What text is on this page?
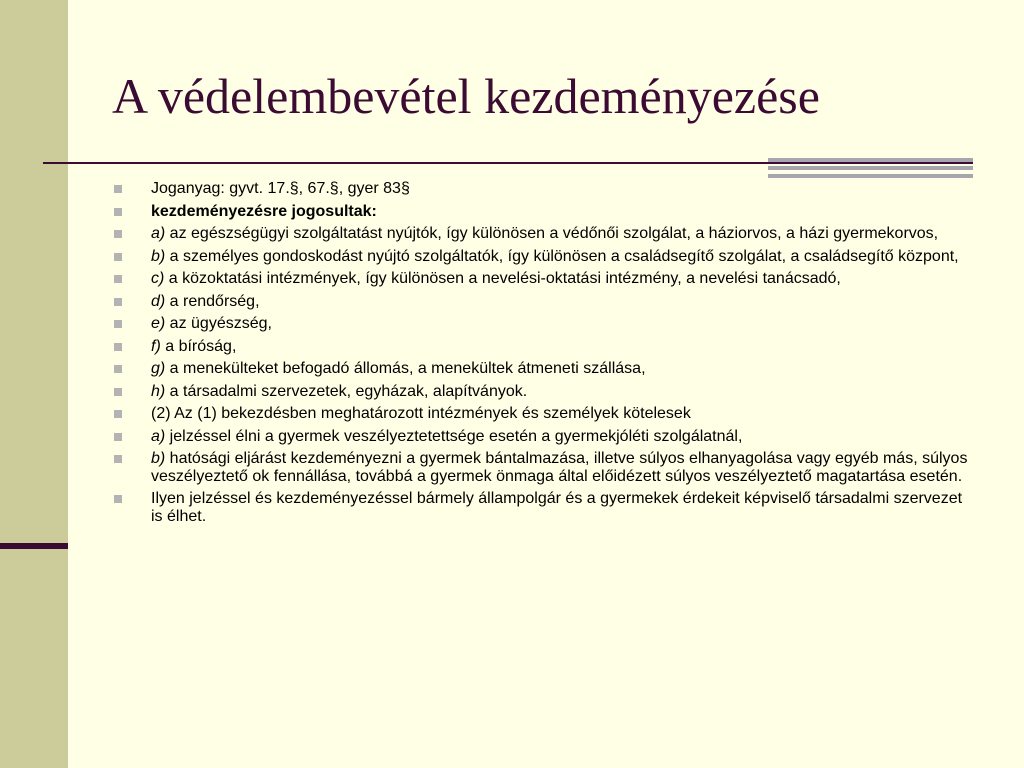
A védelembevétel kezdeményezése
Joganyag: gyvt. 17.§, 67.§, gyer 83§
kezdeményezésre jogosultak:
a) az egészségügyi szolgáltatást nyújtók, így különösen a védőnői szolgálat, a háziorvos, a házi gyermekorvos,
b) a személyes gondoskodást nyújtó szolgáltatók, így különösen a családsegítő szolgálat, a családsegítő központ,
c) a közoktatási intézmények, így különösen a nevelési-oktatási intézmény, a nevelési tanácsadó,
d) a rendőrség,
e) az ügyészség,
f) a bíróság,
g) a menekülteket befogadó állomás, a menekültek átmeneti szállása,
h) a társadalmi szervezetek, egyházak, alapítványok.
(2) Az (1) bekezdésben meghatározott intézmények és személyek kötelesek
a) jelzéssel élni a gyermek veszélyeztetettsége esetén a gyermekjóléti szolgálatnál,
b) hatósági eljárást kezdeményezni a gyermek bántalmazása, illetve súlyos elhanyagolása vagy egyéb más, súlyos veszélyeztető ok fennállása, továbbá a gyermek önmaga által előidézett súlyos veszélyeztető magatartása esetén.
Ilyen jelzéssel és kezdeményezéssel bármely állampolgár és a gyermekek érdekeit képviselő társadalmi szervezet is élhet.
